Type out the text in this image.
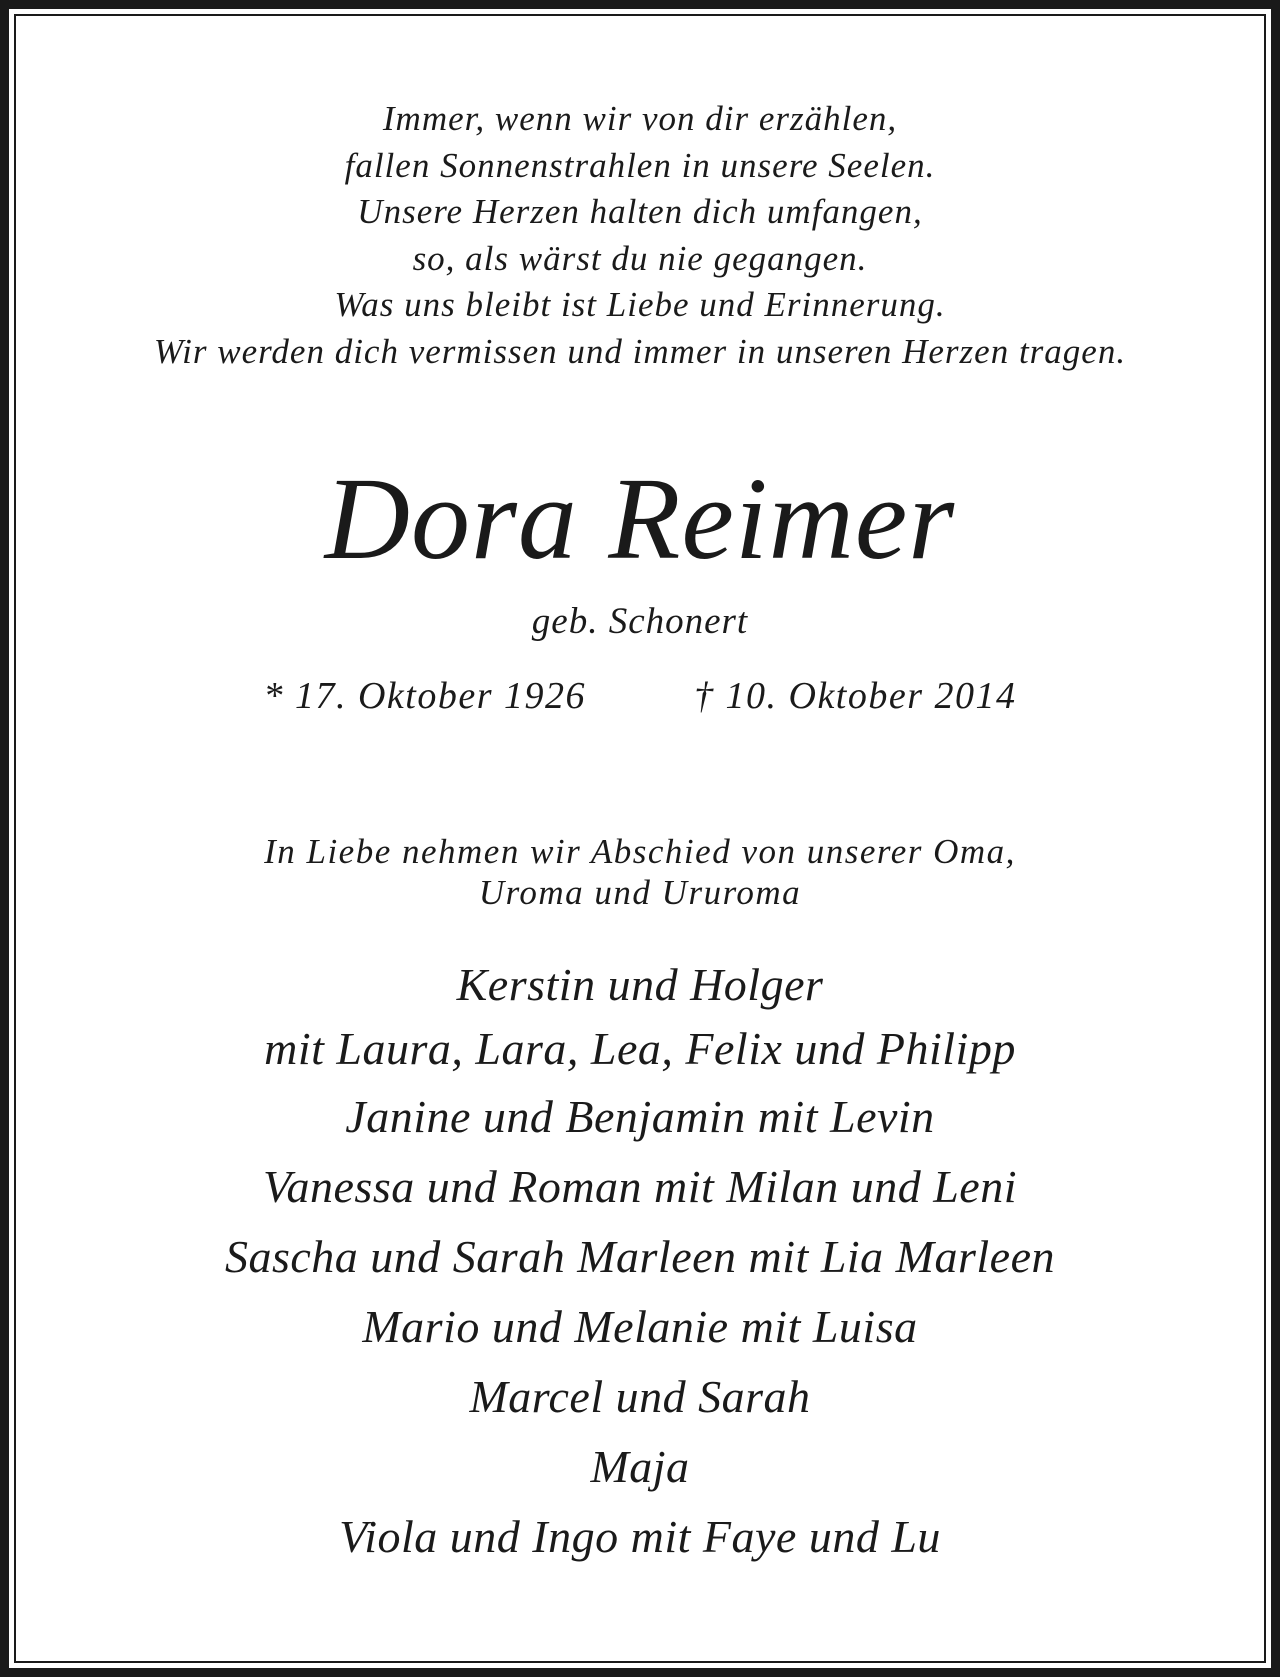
Immer, wenn wir von dir erzählen,
fallen Sonnenstrahlen in unsere Seelen.
Unsere Herzen halten dich umfangen,
so, als wärst du nie gegangen.
Was uns bleibt ist Liebe und Erinnerung.
Wir werden dich vermissen und immer in unseren Herzen tragen.
Dora Reimer
geb. Schonert
* 17. Oktober 1926	† 10. Oktober 2014
In Liebe nehmen wir Abschied von unserer Oma,
Uroma und Ururoma
Kerstin und Holger
mit Laura, Lara, Lea, Felix und Philipp
Janine und Benjamin mit Levin
Vanessa und Roman mit Milan und Leni
Sascha und Sarah Marleen mit Lia Marleen
Mario und Melanie mit Luisa
Marcel und Sarah
Maja
Viola und Ingo mit Faye und Lu
